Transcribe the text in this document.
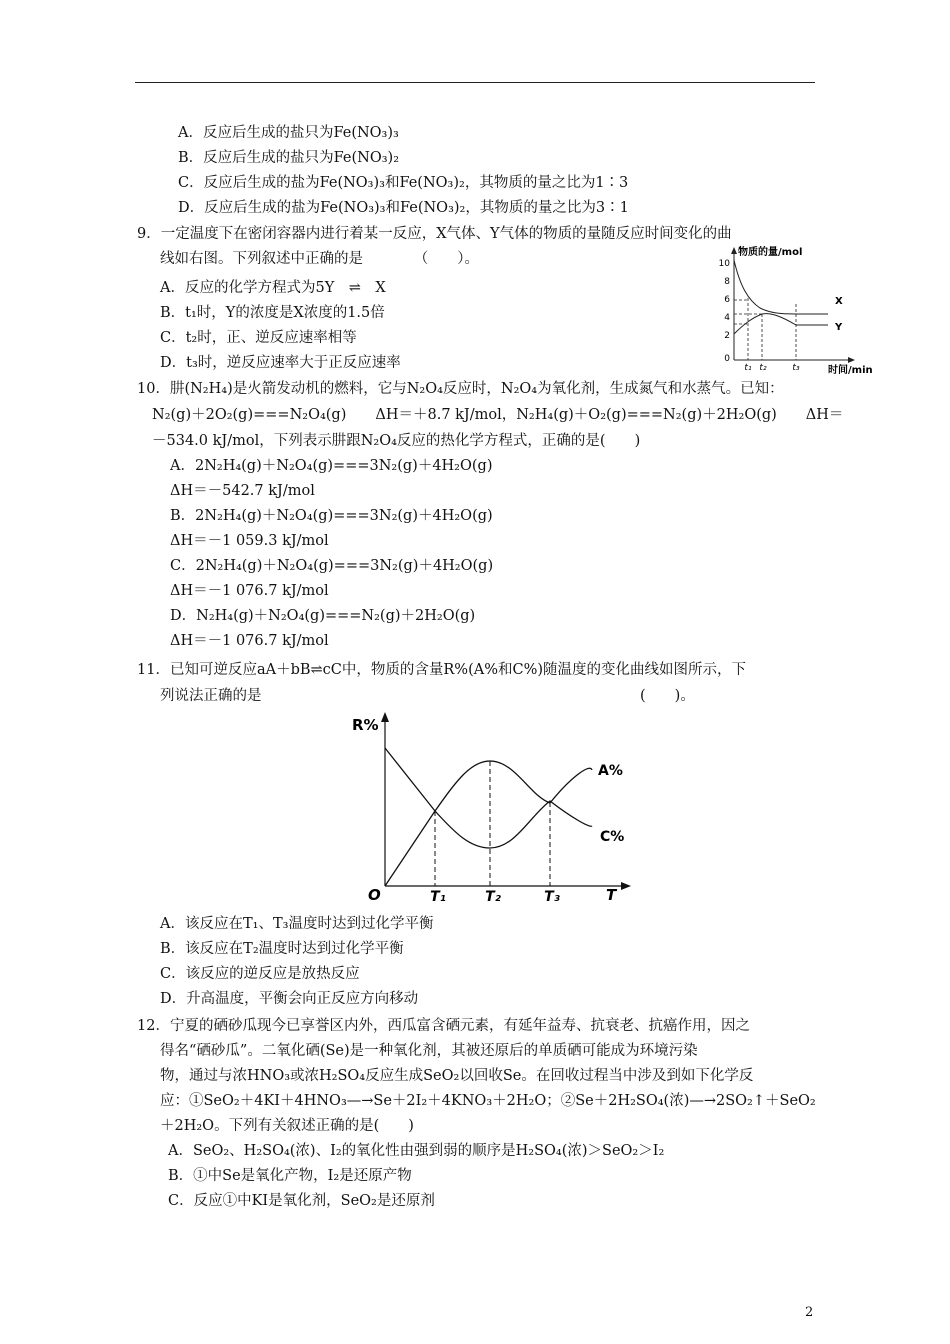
A．反应后生成的盐只为Fe(NO₃)₃
B．反应后生成的盐只为Fe(NO₃)₂
C．反应后生成的盐为Fe(NO₃)₃和Fe(NO₃)₂，其物质的量之比为1∶3
D．反应后生成的盐为Fe(NO₃)₃和Fe(NO₃)₂，其物质的量之比为3∶1
9．一定温度下在密闭容器内进行着某一反应，X气体、Y气体的物质的量随反应时间变化的曲
线如右图。下列叙述中正确的是　　　　（　　）。
A．反应的化学方程式为5Y　⇌　X
B．t₁时，Y的浓度是X浓度的1.5倍
C．t₂时，正、逆反应速率相等
D．t₃时，逆反应速率大于正反应速率
物质的量/mol
时间/min
10
8
6
4
2
0
t₁ t₂	t₃
X
Y
10．肼(N₂H₄)是火箭发动机的燃料，它与N₂O₄反应时，N₂O₄为氧化剂，生成氮气和水蒸气。已知：
N₂(g)＋2O₂(g)===N₂O₄(g)　　ΔH＝＋8.7 kJ/mol，N₂H₄(g)＋O₂(g)===N₂(g)＋2H₂O(g)　　ΔH＝
－534.0 kJ/mol，下列表示肼跟N₂O₄反应的热化学方程式，正确的是(　　)
A．2N₂H₄(g)＋N₂O₄(g)===3N₂(g)＋4H₂O(g)
ΔH＝－542.7 kJ/mol
B．2N₂H₄(g)＋N₂O₄(g)===3N₂(g)＋4H₂O(g)
ΔH＝－1 059.3 kJ/mol
C．2N₂H₄(g)＋N₂O₄(g)===3N₂(g)＋4H₂O(g)
ΔH＝－1 076.7 kJ/mol
D．N₂H₄(g)＋N₂O₄(g)===N₂(g)＋2H₂O(g)
ΔH＝－1 076.7 kJ/mol
11．已知可逆反应aA＋bB⇌cC中，物质的含量R%(A%和C%)随温度的变化曲线如图所示，下
列说法正确的是	(　　)。
R%
O	T
T₁	T₂	T₃
A%
C%
A．该反应在T₁、T₃温度时达到过化学平衡
B．该反应在T₂温度时达到过化学平衡
C．该反应的逆反应是放热反应
D．升高温度，平衡会向正反应方向移动
12．宁夏的硒砂瓜现今已享誉区内外，西瓜富含硒元素，有延年益寿、抗衰老、抗癌作用，因之
得名“硒砂瓜”。二氧化硒(Se)是一种氧化剂，其被还原后的单质硒可能成为环境污染
物，通过与浓HNO₃或浓H₂SO₄反应生成SeO₂以回收Se。在回收过程当中涉及到如下化学反
应：①SeO₂＋4KI＋4HNO₃—→Se＋2I₂＋4KNO₃＋2H₂O；②Se＋2H₂SO₄(浓)—→2SO₂↑＋SeO₂
＋2H₂O。下列有关叙述正确的是(　　)
A．SeO₂、H₂SO₄(浓)、I₂的氧化性由强到弱的顺序是H₂SO₄(浓)＞SeO₂＞I₂
B．①中Se是氧化产物，I₂是还原产物
C．反应①中KI是氧化剂，SeO₂是还原剂
2
